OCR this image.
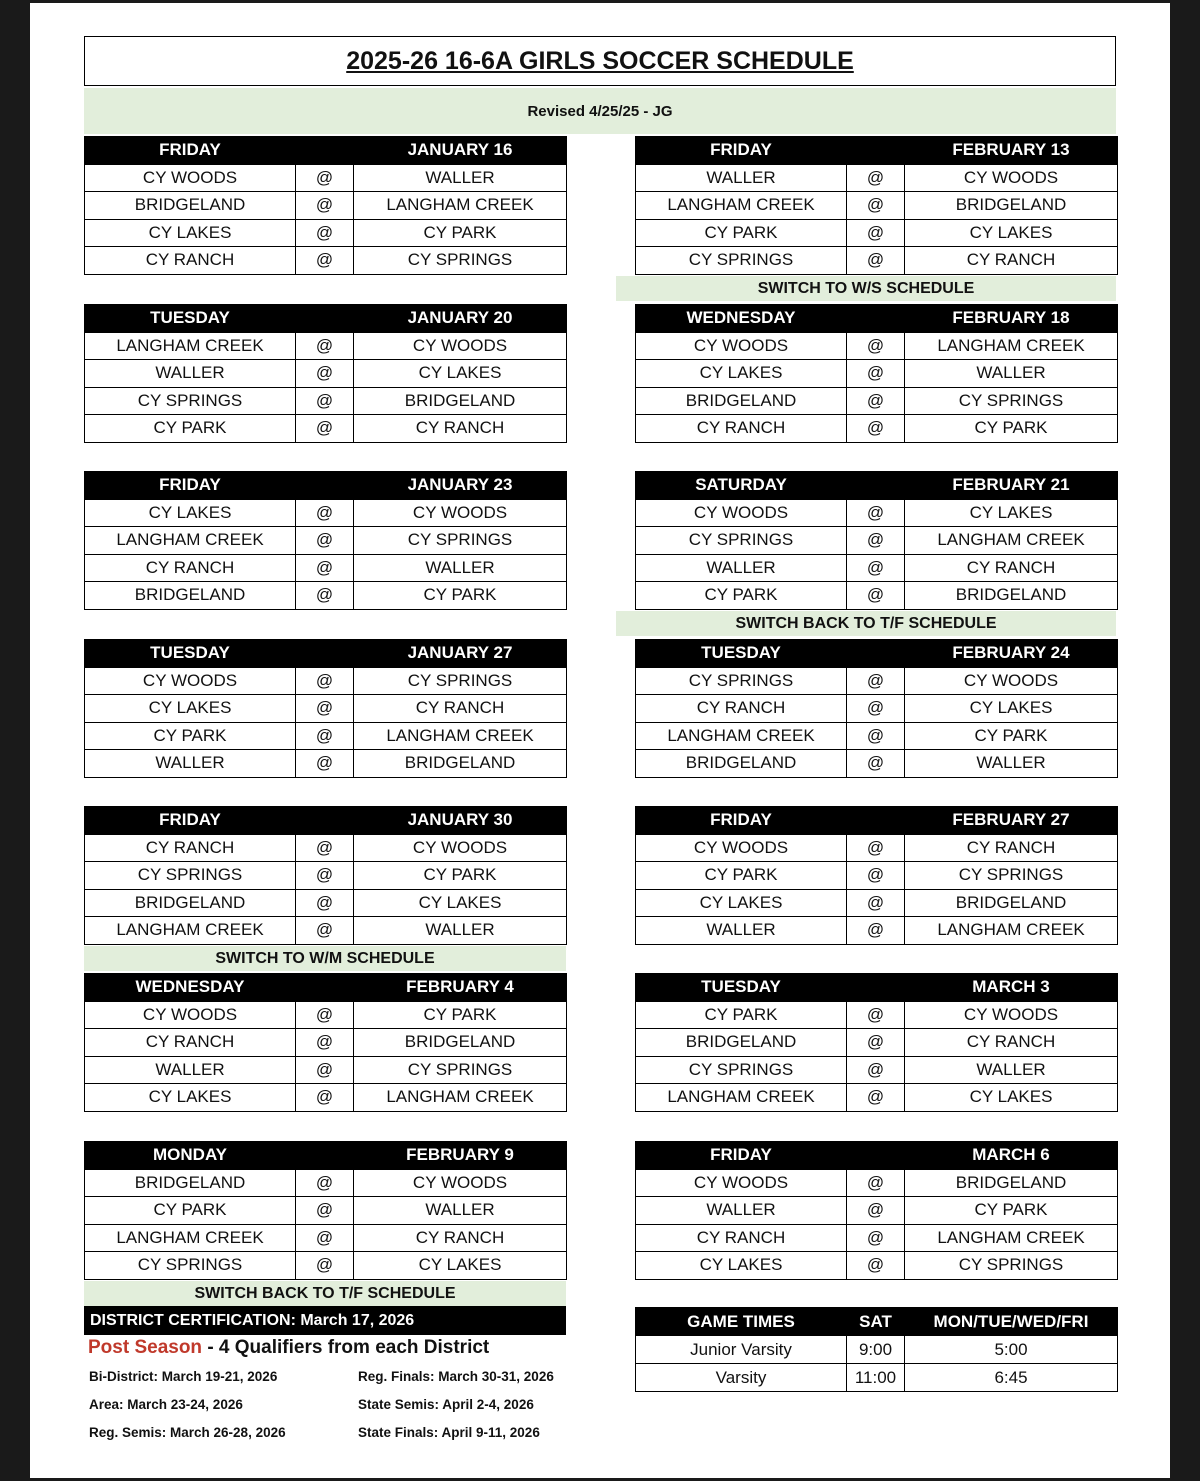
2025-26 16-6A GIRLS SOCCER SCHEDULE
Revised 4/25/25 - JG
FRIDAY		JANUARY 16
CY WOODS	@	WALLER
BRIDGELAND	@	LANGHAM CREEK
CY LAKES	@	CY PARK
CY RANCH	@	CY SPRINGS
TUESDAY		JANUARY 20
LANGHAM CREEK	@	CY WOODS
WALLER	@	CY LAKES
CY SPRINGS	@	BRIDGELAND
CY PARK	@	CY RANCH
FRIDAY		JANUARY 23
CY LAKES	@	CY WOODS
LANGHAM CREEK	@	CY SPRINGS
CY RANCH	@	WALLER
BRIDGELAND	@	CY PARK
TUESDAY		JANUARY 27
CY WOODS	@	CY SPRINGS
CY LAKES	@	CY RANCH
CY PARK	@	LANGHAM CREEK
WALLER	@	BRIDGELAND
FRIDAY		JANUARY 30
CY RANCH	@	CY WOODS
CY SPRINGS	@	CY PARK
BRIDGELAND	@	CY LAKES
LANGHAM CREEK	@	WALLER
WEDNESDAY		FEBRUARY 4
CY WOODS	@	CY PARK
CY RANCH	@	BRIDGELAND
WALLER	@	CY SPRINGS
CY LAKES	@	LANGHAM CREEK
MONDAY		FEBRUARY 9
BRIDGELAND	@	CY WOODS
CY PARK	@	WALLER
LANGHAM CREEK	@	CY RANCH
CY SPRINGS	@	CY LAKES
FRIDAY		FEBRUARY 13
WALLER	@	CY WOODS
LANGHAM CREEK	@	BRIDGELAND
CY PARK	@	CY LAKES
CY SPRINGS	@	CY RANCH
WEDNESDAY		FEBRUARY 18
CY WOODS	@	LANGHAM CREEK
CY LAKES	@	WALLER
BRIDGELAND	@	CY SPRINGS
CY RANCH	@	CY PARK
SATURDAY		FEBRUARY 21
CY WOODS	@	CY LAKES
CY SPRINGS	@	LANGHAM CREEK
WALLER	@	CY RANCH
CY PARK	@	BRIDGELAND
TUESDAY		FEBRUARY 24
CY SPRINGS	@	CY WOODS
CY RANCH	@	CY LAKES
LANGHAM CREEK	@	CY PARK
BRIDGELAND	@	WALLER
FRIDAY		FEBRUARY 27
CY WOODS	@	CY RANCH
CY PARK	@	CY SPRINGS
CY LAKES	@	BRIDGELAND
WALLER	@	LANGHAM CREEK
TUESDAY		MARCH 3
CY PARK	@	CY WOODS
BRIDGELAND	@	CY RANCH
CY SPRINGS	@	WALLER
LANGHAM CREEK	@	CY LAKES
FRIDAY		MARCH 6
CY WOODS	@	BRIDGELAND
WALLER	@	CY PARK
CY RANCH	@	LANGHAM CREEK
CY LAKES	@	CY SPRINGS
SWITCH TO W/S SCHEDULE
SWITCH BACK TO T/F SCHEDULE
SWITCH TO W/M SCHEDULE
SWITCH BACK TO T/F SCHEDULE
DISTRICT CERTIFICATION: March 17, 2026
Post Season - 4 Qualifiers from each District
Bi-District: March 19-21, 2026
Area: March 23-24, 2026
Reg. Semis: March 26-28, 2026
Reg. Finals: March 30-31, 2026
State Semis: April 2-4, 2026
State Finals: April 9-11, 2026
GAME TIMES	SAT	MON/TUE/WED/FRI
Junior Varsity	9:00	5:00
Varsity	11:00	6:45
